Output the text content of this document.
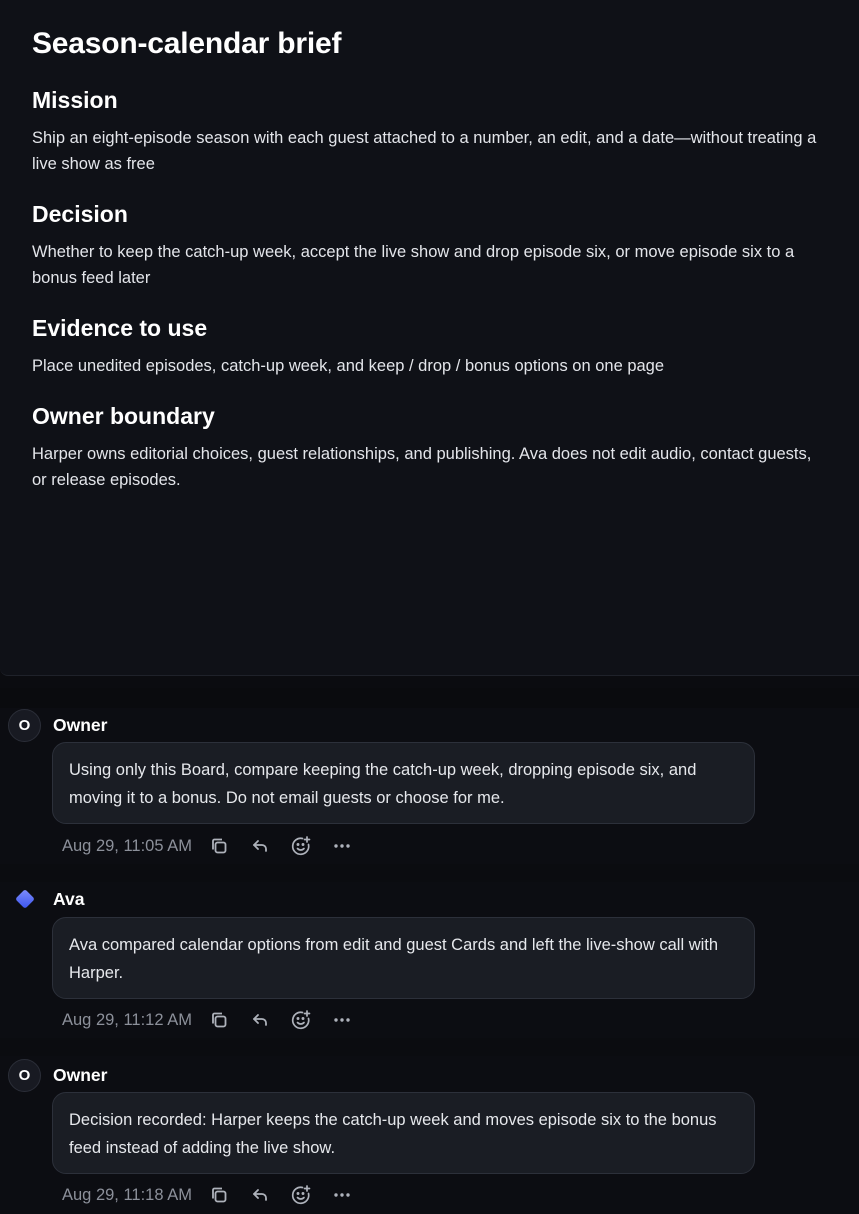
Season-calendar brief
Mission

Ship an eight-episode season with each guest attached to a number, an edit, and a date—without treating a live show as free

Decision

Whether to keep the catch-up week, accept the live show and drop episode six, or move episode six to a bonus feed later

Evidence to use

Place unedited episodes, catch-up week, and keep / drop / bonus options on one page

Owner boundary

Harper owns editorial choices, guest relationships, and publishing. Ava does not edit audio, contact guests, or release episodes.

O	Owner
Using only this Board, compare keeping the catch-up week, dropping episode six, and moving it to a bonus. Do not email guests or choose for me.
Aug 29, 11:05 AM
Ava
Ava compared calendar options from edit and guest Cards and left the live-show call with Harper.
Aug 29, 11:12 AM
O	Owner
Decision recorded: Harper keeps the catch-up week and moves episode six to the bonus feed instead of adding the live show.
Aug 29, 11:18 AM
